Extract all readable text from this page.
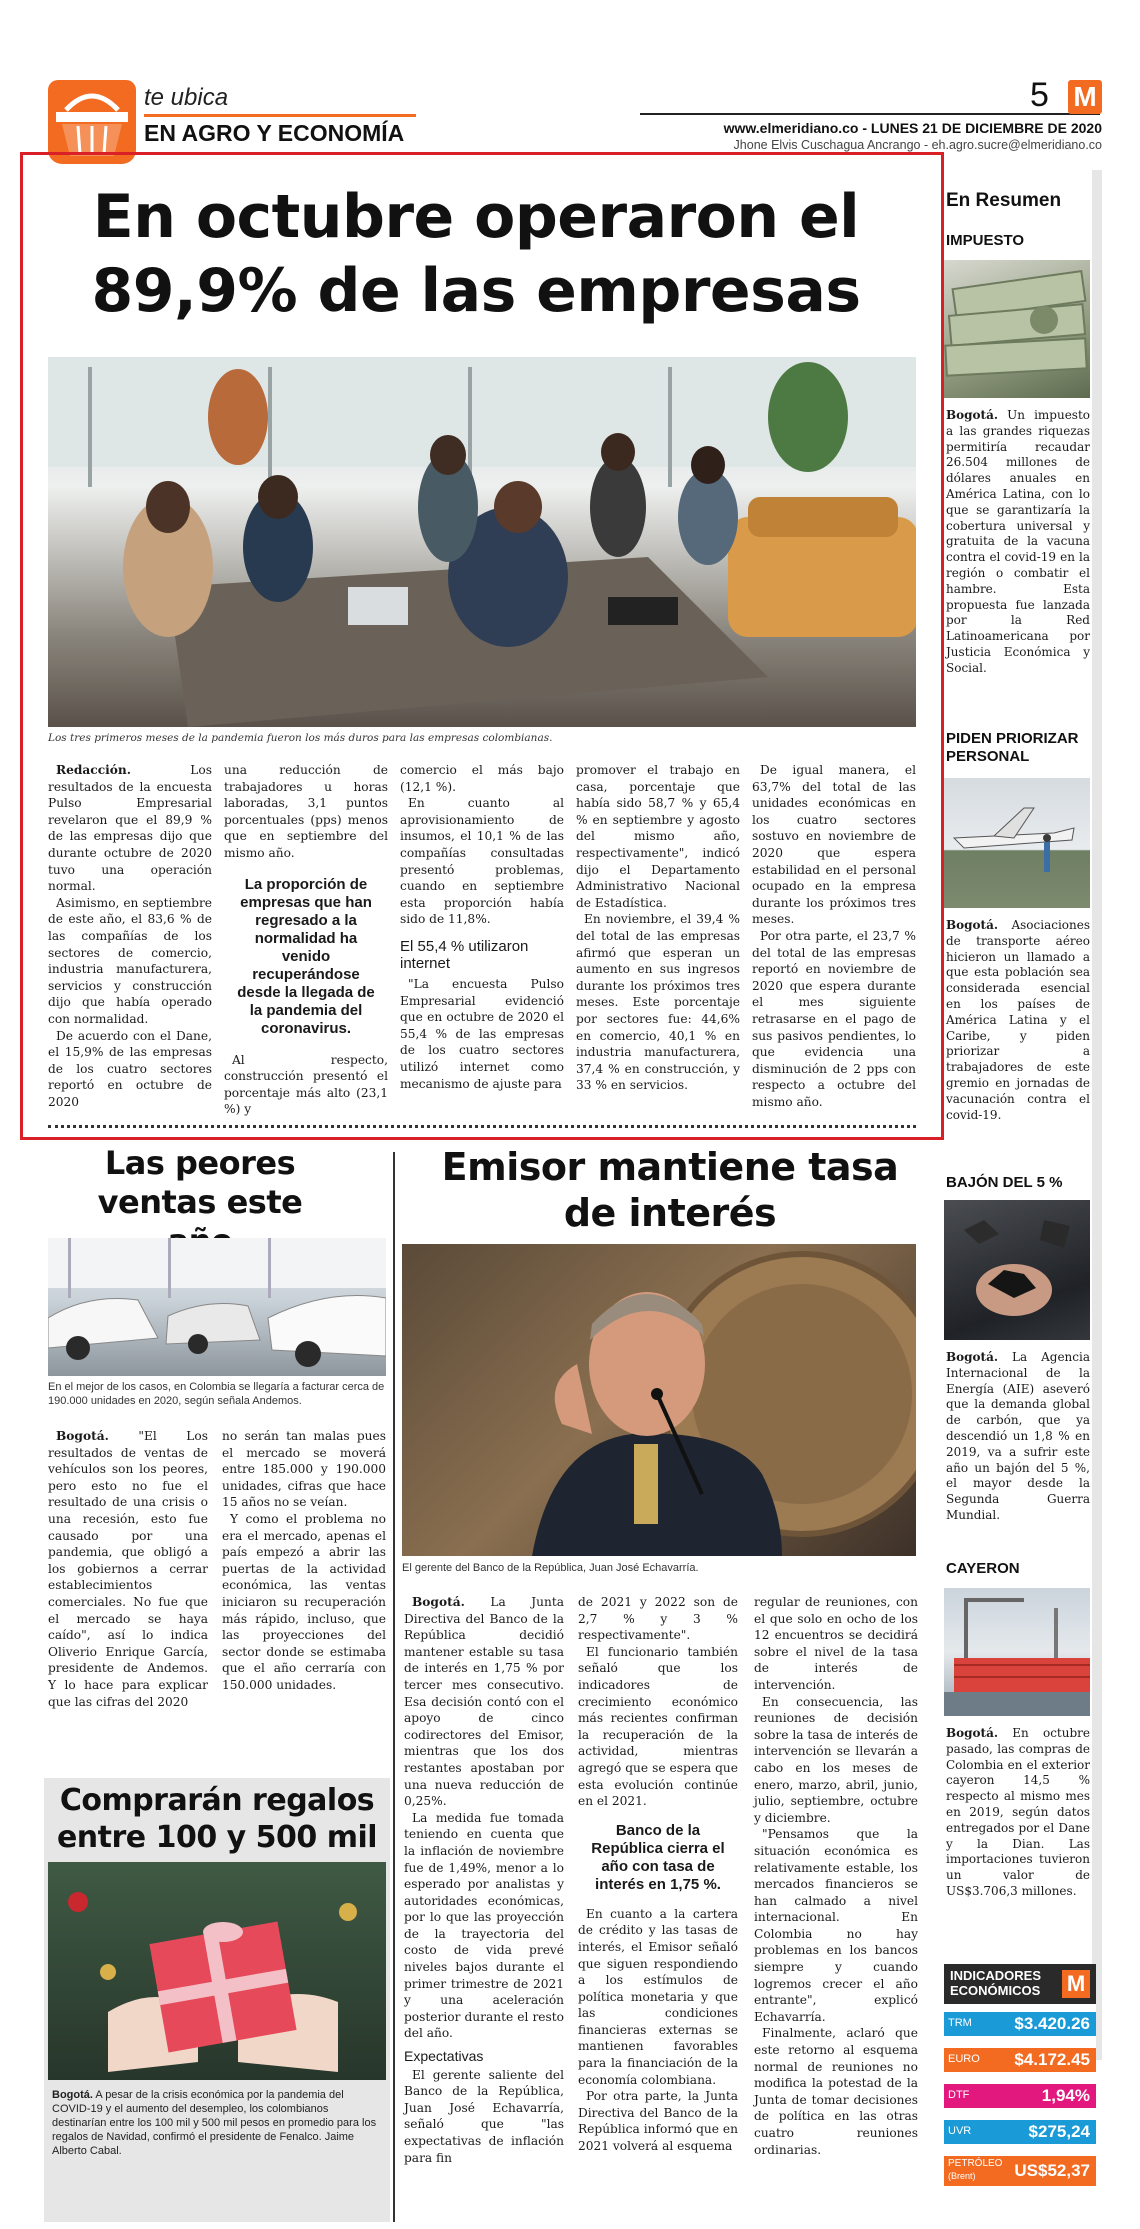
te ubica
EN AGRO Y ECONOMÍA
5 M
www.elmeridiano.co - LUNES 21 DE DICIEMBRE DE 2020
Jhone Elvis Cuschagua Ancrango - eh.agro.sucre@elmeridiano.co
En octubre operaron el 89,9% de las empresas
Los tres primeros meses de la pandemia fueron los más duros para las empresas colombianas.

Redacción. Los resultados de la encuesta Pulso Empresarial revelaron que el 89,9 % de las empresas dijo que durante octubre de 2020 tuvo una operación normal.

Asimismo, en septiembre de este año, el 83,6 % de las compañías de los sectores de comercio, industria manufacturera, servicios y construcción dijo que había operado con normalidad.

De acuerdo con el Dane, el 15,9% de las empresas de los cuatro sectores reportó en octubre de 2020

una reducción de trabajadores u horas laboradas, 3,1 puntos porcentuales (pps) menos que en septiembre del mismo año.

La proporción de empresas que han regresado a la normalidad ha venido recuperándose desde la llegada de la pandemia del coronavirus.

Al respecto, construcción presentó el porcentaje más alto (23,1 %) y

comercio el más bajo (12,1 %).

En cuanto al aprovisionamiento de insumos, el 10,1 % de las compañías consultadas presentó problemas, cuando en septiembre esta proporción había sido de 11,8%.

El 55,4 % utilizaron internet

"La encuesta Pulso Empresarial evidenció que en octubre de 2020 el 55,4 % de las empresas de los cuatro sectores utilizó internet como mecanismo de ajuste para

promover el trabajo en casa, porcentaje que había sido 58,7 % y 65,4 % en septiembre y agosto del mismo año, respectivamente", indicó dijo el Departamento Administrativo Nacional de Estadística.

En noviembre, el 39,4 % del total de las empresas afirmó que esperan un aumento en sus ingresos durante los próximos tres meses. Este porcentaje por sectores fue: 44,6% en comercio, 40,1 % en industria manufacturera, 37,4 % en construcción, y 33 % en servicios.

De igual manera, el 63,7% del total de las unidades económicas en los cuatro sectores sostuvo en noviembre de 2020 que espera estabilidad en el personal ocupado en la empresa durante los próximos tres meses.

Por otra parte, el 23,7 % del total de las empresas reportó en noviembre de 2020 que espera durante el mes siguiente retrasarse en el pago de sus pasivos pendientes, lo que evidencia una disminución de 2 pps con respecto a octubre del mismo año.

En Resumen
IMPUESTO
Bogotá. Un impuesto a las grandes riquezas permitiría recaudar 26.504 millones de dólares anuales en América Latina, con lo que se garantizaría la cobertura universal y gratuita de la vacuna contra el covid-19 en la región o combatir el hambre. Esta propuesta fue lanzada por la Red Latinoamericana por Justicia Económica y Social.
PIDEN PRIORIZAR PERSONAL
Bogotá. Asociaciones de transporte aéreo hicieron un llamado a que esta población sea considerada esencial en los países de América Latina y el Caribe, y piden priorizar a trabajadores de este gremio en jornadas de vacunación contra el covid-19.
BAJÓN DEL 5 %
Bogotá. La Agencia Internacional de la Energía (AIE) aseveró que la demanda global de carbón, que ya descendió un 1,8 % en 2019, va a sufrir este año un bajón del 5 %, el mayor desde la Segunda Guerra Mundial.
CAYERON
Bogotá. En octubre pasado, las compras de Colombia en el exterior cayeron 14,5 % respecto al mismo mes en 2019, según datos entregados por el Dane y la Dian. Las importaciones tuvieron un valor de US$3.706,3 millones.
INDICADORES ECONÓMICOS	M
TRM	$3.420.26
EURO $4.172.45
DTF	1,94%
UVR	$275,24
PETRÓLEO
(Brent) US$52,37
Las peores ventas este
En el mejor de los casos, en Colombia se llegaría a facturar cerca de 190.000 unidades en 2020, según señala Andemos.

Bogotá. "El Los resultados de ventas de vehículos son los peores, pero esto no fue el resultado de una crisis o una recesión, esto fue causado por una pandemia, que obligó a los gobiernos a cerrar establecimientos comerciales. No fue que el mercado se haya caído", así lo indica Oliverio Enrique García, presidente de Andemos. Y lo hace para explicar que las cifras del 2020

no serán tan malas pues el mercado se moverá entre 185.000 y 190.000 unidades, cifras que hace 15 años no se veían.

Y como el problema no era el mercado, apenas el país empezó a abrir las puertas de la actividad económica, las ventas iniciaron su recuperación más rápido, incluso, que las proyecciones del sector donde se estimaba que el año cerraría con 150.000 unidades.

Comprarán regalos entre 100 y 500 mil
Bogotá. A pesar de la crisis económica por la pandemia del COVID-19 y el aumento del desempleo, los colombianos destinarían entre los 100 mil y 500 mil pesos en promedio para los regalos de Navidad, confirmó el presidente de Fenalco. Jaime Alberto Cabal.
Emisor mantiene tasa de interés
El gerente del Banco de la República, Juan José Echavarría.

Bogotá. La Junta Directiva del Banco de la República decidió mantener estable su tasa de interés en 1,75 % por tercer mes consecutivo. Esa decisión contó con el apoyo de cinco codirectores del Emisor, mientras que los dos restantes apostaban por una nueva reducción de 0,25%.

La medida fue tomada teniendo en cuenta que la inflación de noviembre fue de 1,49%, menor a lo esperado por analistas y autoridades económicas, por lo que las proyección de la trayectoria del costo de vida prevé niveles bajos durante el primer trimestre de 2021 y una aceleración posterior durante el resto del año.

Expectativas

El gerente saliente del Banco de la República, Juan José Echavarría, señaló que "las expectativas de inflación para fin

de 2021 y 2022 son de 2,7 % y 3 % respectivamente".

El funcionario también señaló que los indicadores de crecimiento económico más recientes confirman la recuperación de la actividad, mientras agregó que se espera que esta evolución continúe en el 2021.

Banco de la República cierra el año con tasa de interés en 1,75 %.

En cuanto a la cartera de crédito y las tasas de interés, el Emisor señaló que siguen respondiendo a los estímulos de política monetaria y que las condiciones financieras externas se mantienen favorables para la financiación de la economía colombiana.

Por otra parte, la Junta Directiva del Banco de la República informó que en 2021 volverá al esquema

regular de reuniones, con el que solo en ocho de los 12 encuentros se decidirá sobre el nivel de la tasa de interés de intervención.

En consecuencia, las reuniones de decisión sobre la tasa de interés de intervención se llevarán a cabo en los meses de enero, marzo, abril, junio, julio, septiembre, octubre y diciembre.

"Pensamos que la situación económica es relativamente estable, los mercados financieros se han calmado a nivel internacional. En Colombia no hay problemas en los bancos siempre y cuando logremos crecer el año entrante", explicó Echavarría.

Finalmente, aclaró que este retorno al esquema normal de reuniones no modifica la potestad de la Junta de tomar decisiones de política en las otras cuatro reuniones ordinarias.
